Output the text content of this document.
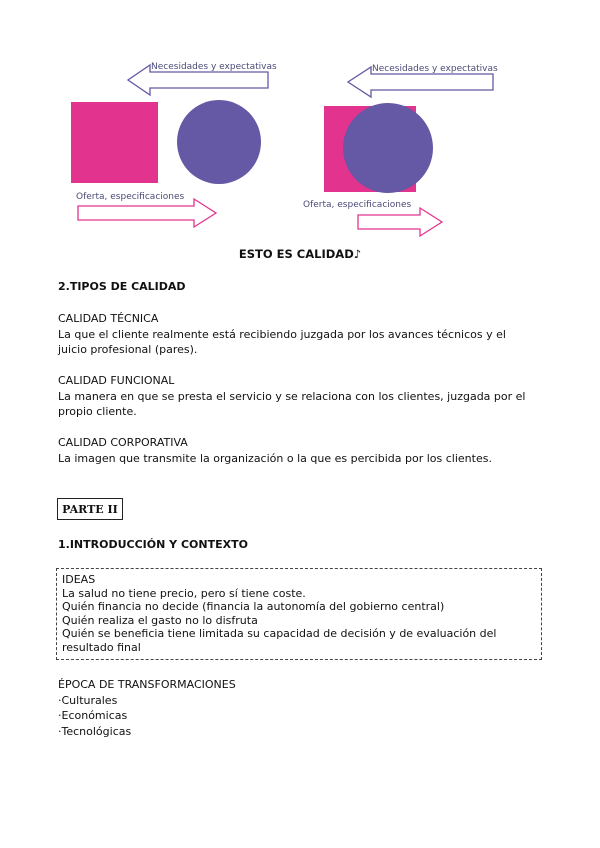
Necesidades y expectativas
Oferta, especificaciones
Necesidades y expectativas
Oferta, especificaciones
ESTO ES CALIDAD♪
2.TIPOS DE CALIDAD
CALIDAD TÉCNICA
La que el cliente realmente está recibiendo juzgada por los avances técnicos y el juicio profesional (pares).
CALIDAD FUNCIONAL
La manera en que se presta el servicio y se relaciona con los clientes, juzgada por el propio cliente.
CALIDAD CORPORATIVA
La imagen que transmite la organización o la que es percibida por los clientes.
PARTE II
1.INTRODUCCIÓN Y CONTEXTO
IDEAS
La salud no tiene precio, pero sí tiene coste.
Quién financia no decide (financia la autonomía del gobierno central)
Quién realiza el gasto no lo disfruta
Quién se beneficia tiene limitada su capacidad de decisión y de evaluación del
resultado final
ÉPOCA DE TRANSFORMACIONES
·Culturales
·Económicas
·Tecnológicas
